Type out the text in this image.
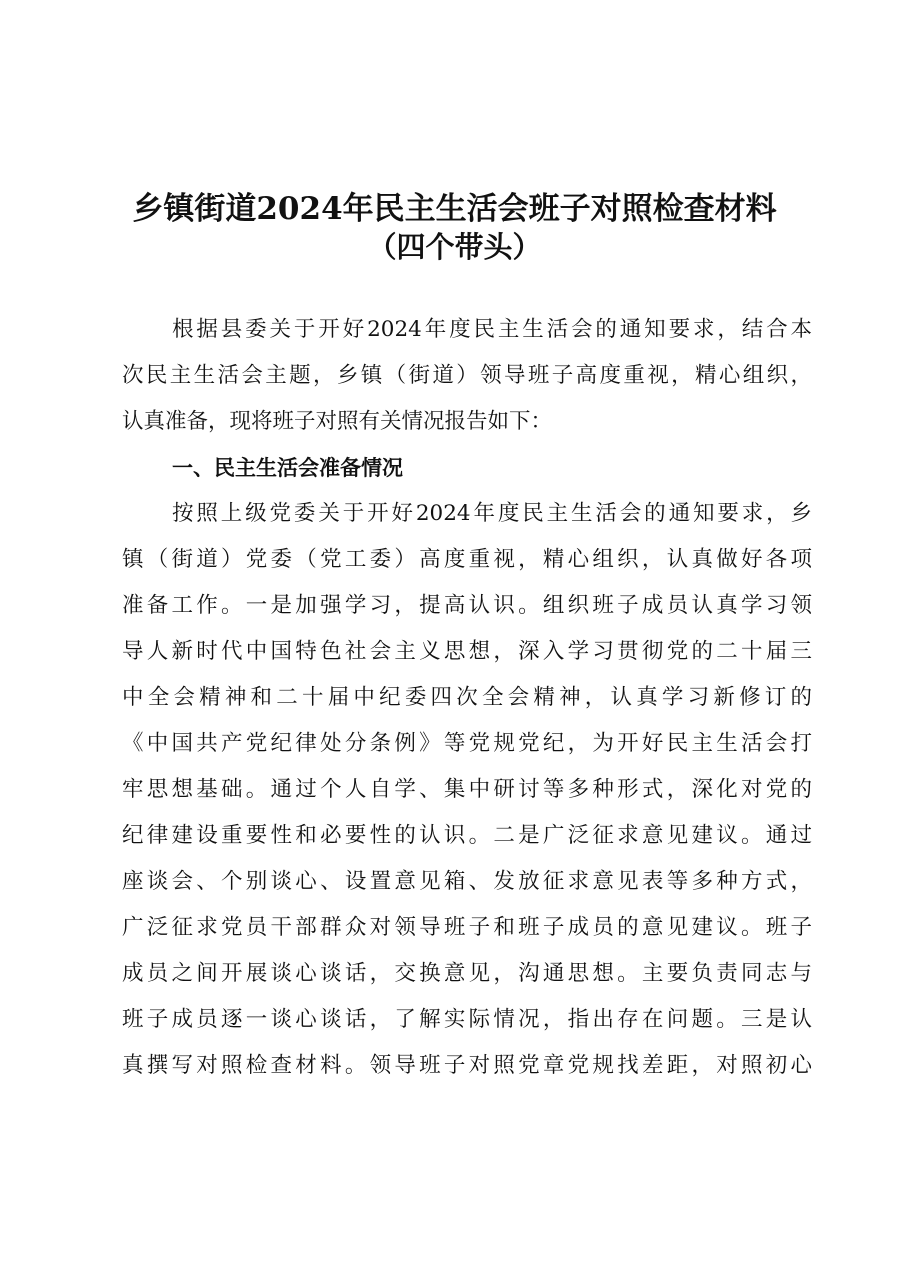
乡镇街道2024年民主生活会班子对照检查材料
（四个带头）
根据县委关于开好2024年度民主生活会的通知要求，结合本
次民主生活会主题，乡镇（街道）领导班子高度重视，精心组织，
认真准备，现将班子对照有关情况报告如下：
一、民主生活会准备情况
按照上级党委关于开好2024年度民主生活会的通知要求，乡
镇（街道）党委（党工委）高度重视，精心组织，认真做好各项
准备工作。一是加强学习，提高认识。组织班子成员认真学习领
导人新时代中国特色社会主义思想，深入学习贯彻党的二十届三
中全会精神和二十届中纪委四次全会精神，认真学习新修订的
《中国共产党纪律处分条例》等党规党纪，为开好民主生活会打
牢思想基础。通过个人自学、集中研讨等多种形式，深化对党的
纪律建设重要性和必要性的认识。二是广泛征求意见建议。通过
座谈会、个别谈心、设置意见箱、发放征求意见表等多种方式，
广泛征求党员干部群众对领导班子和班子成员的意见建议。班子
成员之间开展谈心谈话，交换意见，沟通思想。主要负责同志与
班子成员逐一谈心谈话，了解实际情况，指出存在问题。三是认
真撰写对照检查材料。领导班子对照党章党规找差距，对照初心
